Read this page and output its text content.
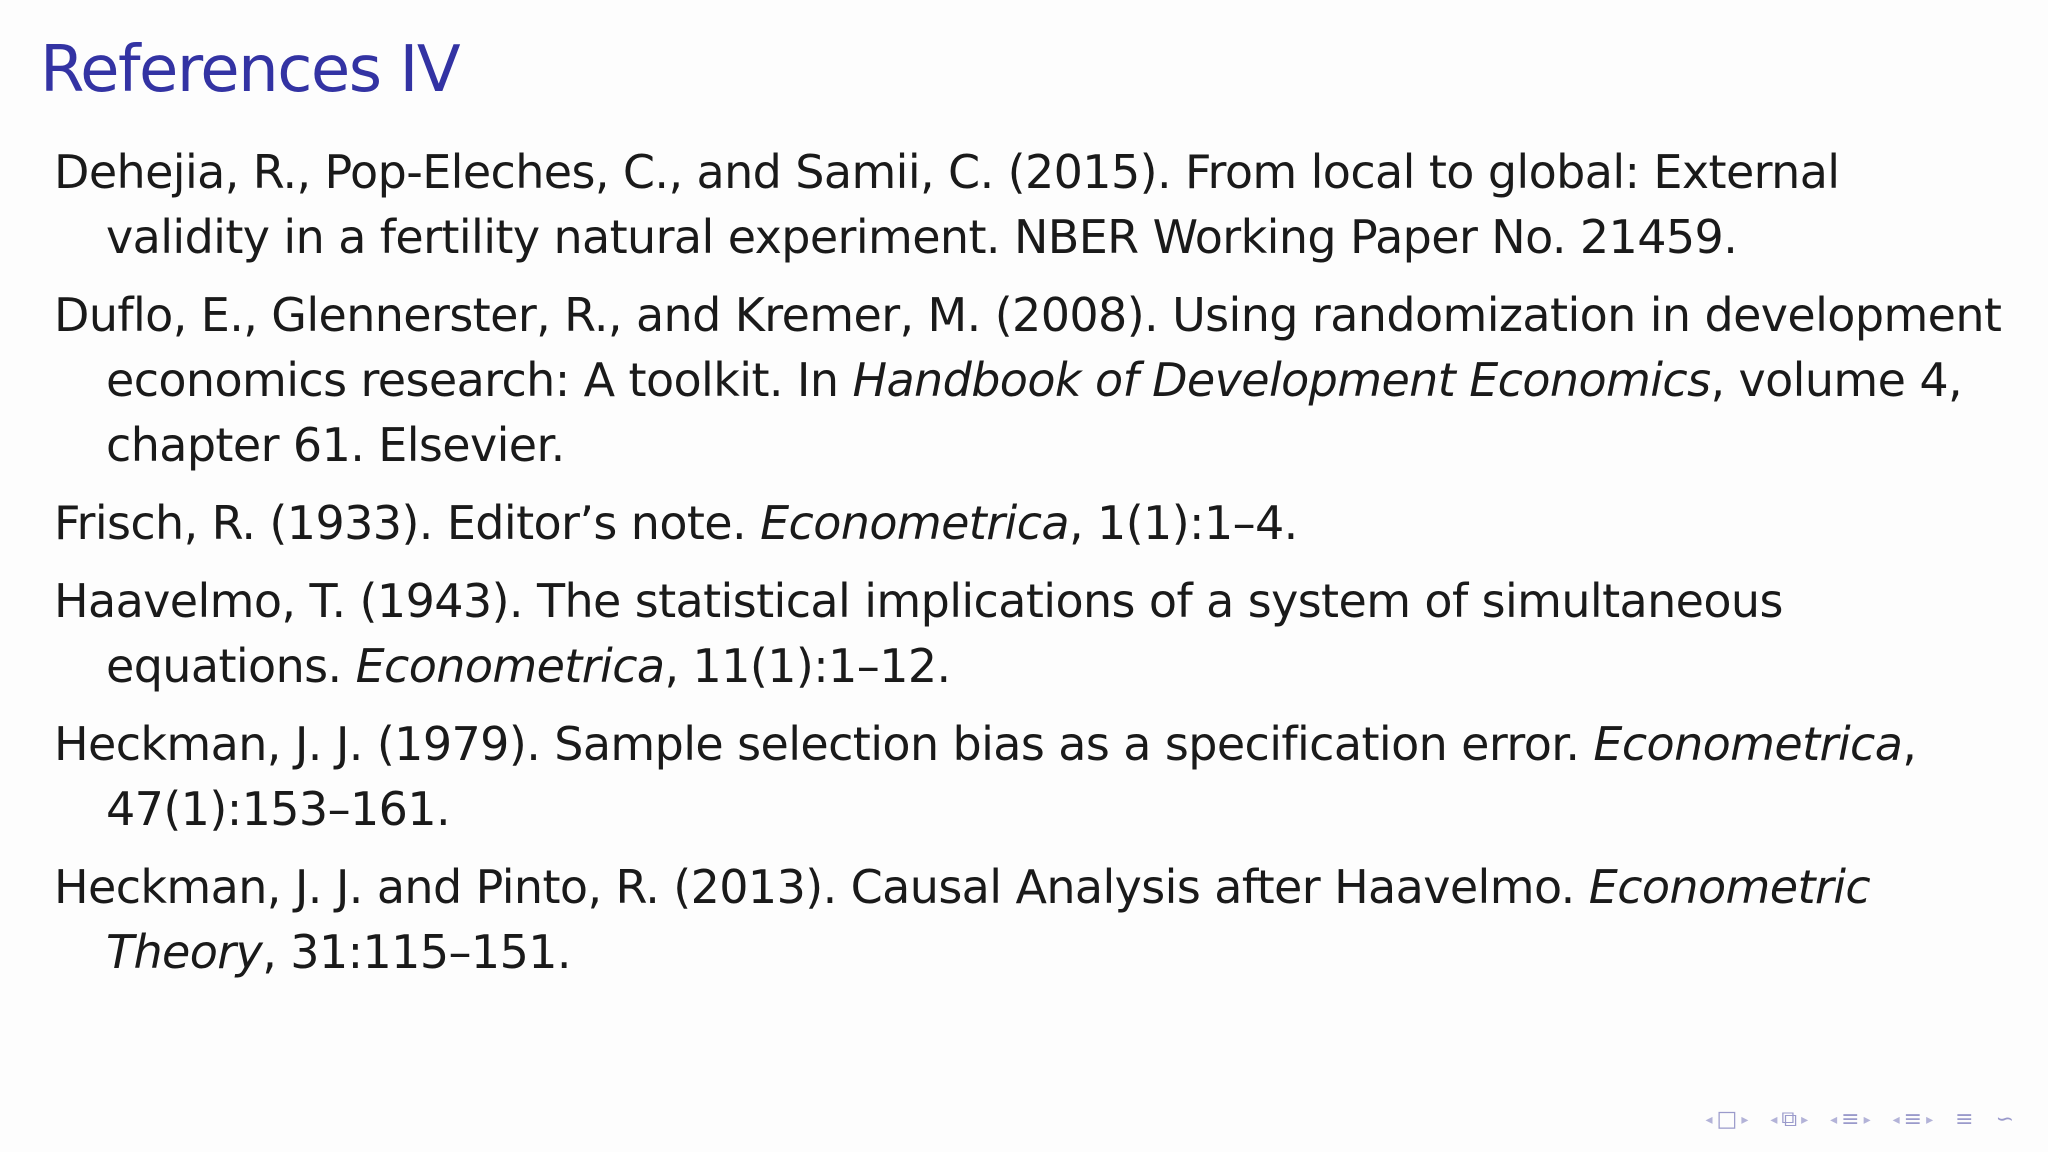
References IV
Dehejia, R., Pop-Eleches, C., and Samii, C. (2015). From local to global: External validity in a fertility natural experiment. NBER Working Paper No. 21459.
Duflo, E., Glennerster, R., and Kremer, M. (2008). Using randomization in development economics research: A toolkit. In Handbook of Development Economics, volume 4, chapter 61. Elsevier.
Frisch, R. (1933). Editor’s note. Econometrica, 1(1):1–4.
Haavelmo, T. (1943). The statistical implications of a system of simultaneous equations. Econometrica, 11(1):1–12.
Heckman, J. J. (1979). Sample selection bias as a specification error. Econometrica, 47(1):153–161.
Heckman, J. J. and Pinto, R. (2013). Causal Analysis after Haavelmo. Econometric Theory, 31:115–151.
◂ □ ▸ ◂ ⧉ ▸ ◂ ≡ ▸ ◂ ≡ ▸ ≡ ∽
